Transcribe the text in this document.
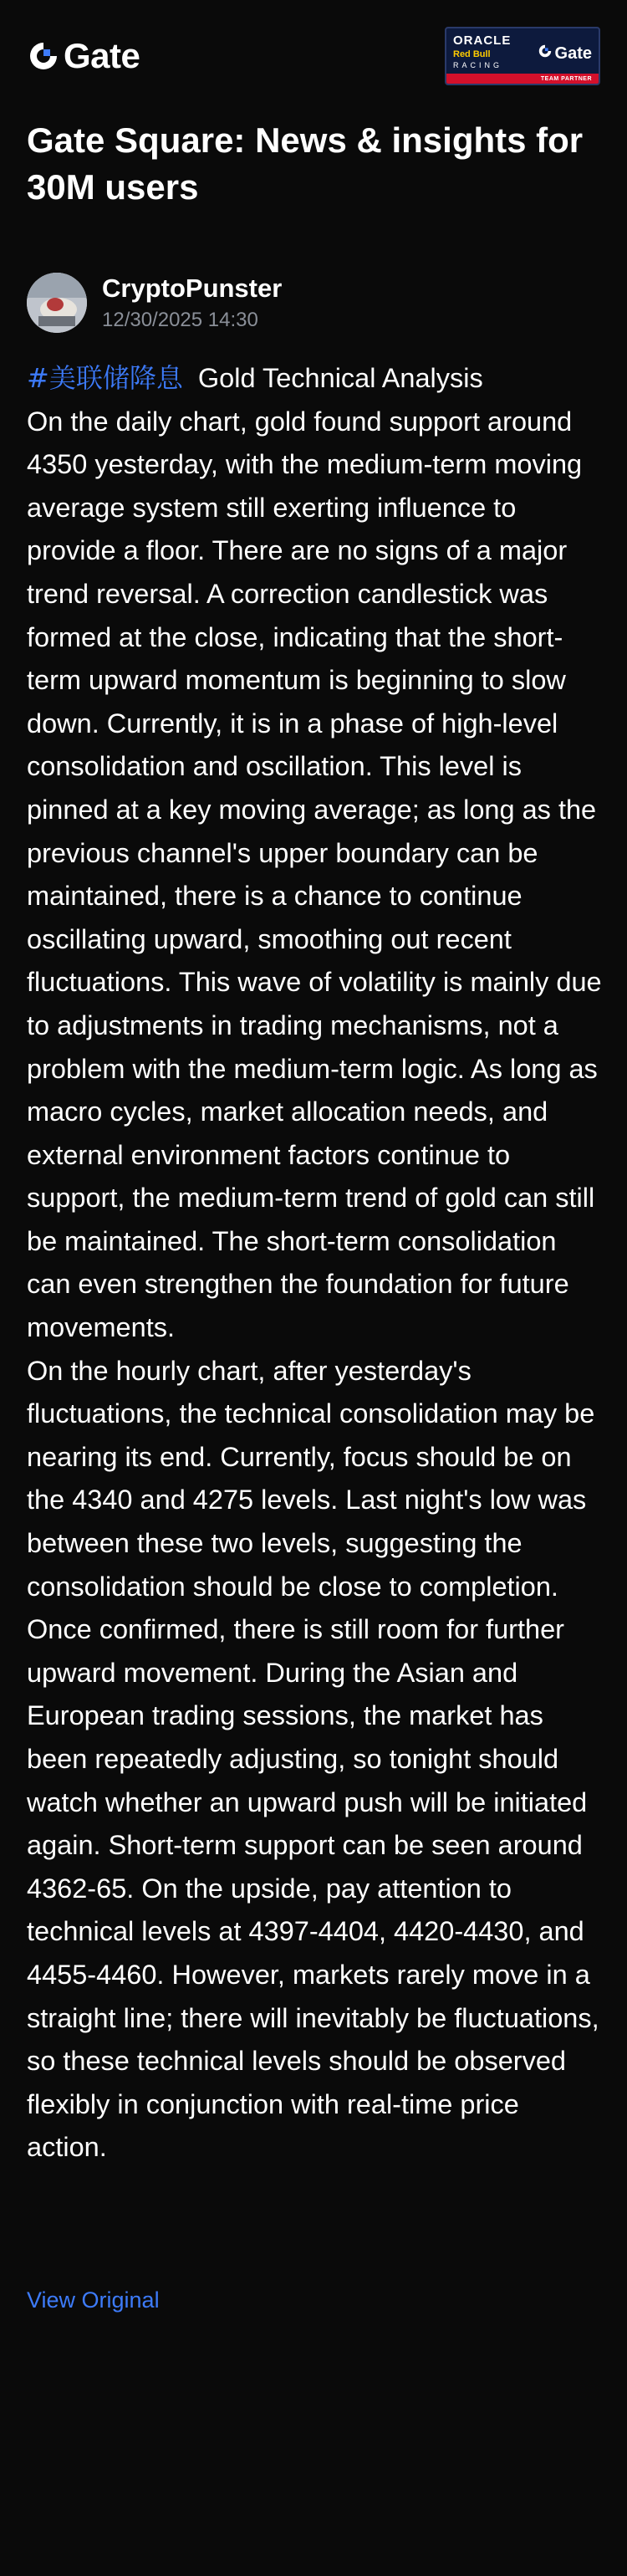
Gate	ORACLE
Red Bull
RACING
Gate
TEAM PARTNER
Gate Square: News & insights for 30M users
CryptoPunster
12/30/2025 14:30

#美联储降息 Gold Technical Analysis

On the daily chart, gold found support around 4350 yesterday, with the medium-term moving average system still exerting influence to provide a floor. There are no signs of a major trend reversal. A correction candlestick was formed at the close, indicating that the short-term upward momentum is beginning to slow down. Currently, it is in a phase of high-level consolidation and oscillation. This level is pinned at a key moving average; as long as the previous channel's upper boundary can be maintained, there is a chance to continue oscillating upward, smoothing out recent fluctuations. This wave of volatility is mainly due to adjustments in trading mechanisms, not a problem with the medium-term logic. As long as macro cycles, market allocation needs, and external environment factors continue to support, the medium-term trend of gold can still be maintained. The short-term consolidation can even strengthen the foundation for future movements.

On the hourly chart, after yesterday's fluctuations, the technical consolidation may be nearing its end. Currently, focus should be on the 4340 and 4275 levels. Last night's low was between these two levels, suggesting the consolidation should be close to completion. Once confirmed, there is still room for further upward movement. During the Asian and European trading sessions, the market has been repeatedly adjusting, so tonight should watch whether an upward push will be initiated again. Short-term support can be seen around 4362-65. On the upside, pay attention to technical levels at 4397-4404, 4420-4430, and 4455-4460. However, markets rarely move in a straight line; there will inevitably be fluctuations, so these technical levels should be observed flexibly in conjunction with real-time price action.

View Original
